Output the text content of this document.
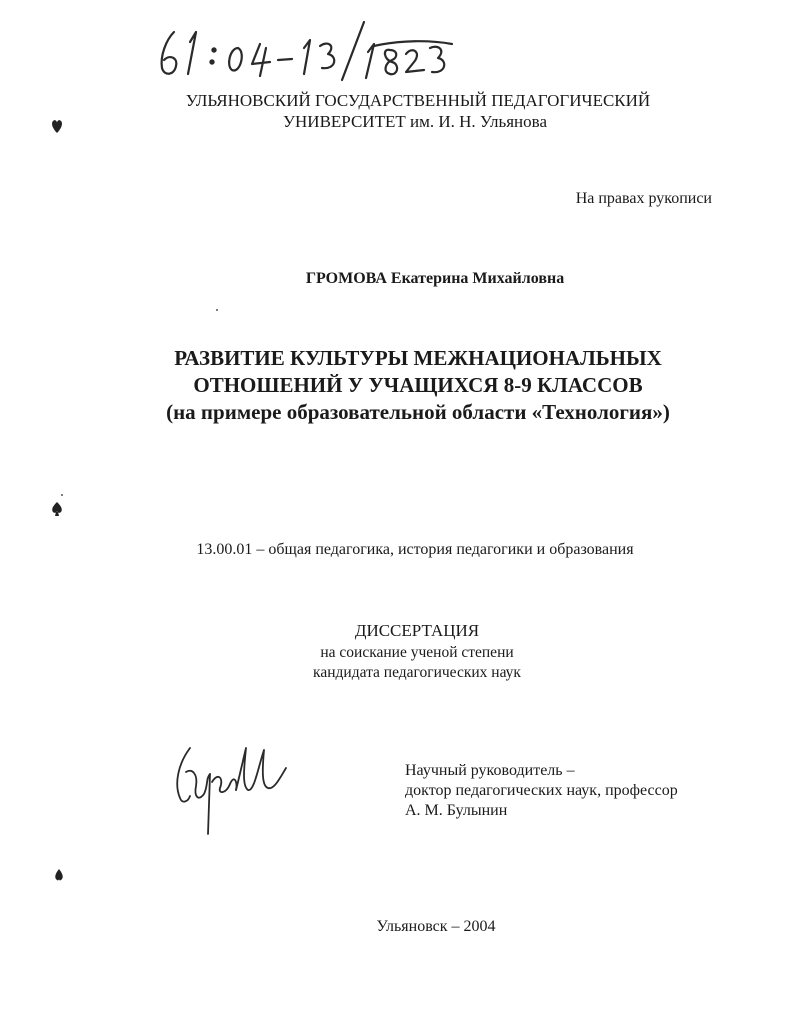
УЛЬЯНОВСКИЙ ГОСУДАРСТВЕННЫЙ ПЕДАГОГИЧЕСКИЙ
УНИВЕРСИТЕТ им. И. Н. Ульянова
На правах рукописи
ГРОМОВА Екатерина Михайловна
РАЗВИТИЕ КУЛЬТУРЫ МЕЖНАЦИОНАЛЬНЫХ
ОТНОШЕНИЙ У УЧАЩИХСЯ 8-9 КЛАССОВ
(на примере образовательной области «Технология»)
13.00.01 – общая педагогика, история педагогики и образования
ДИССЕРТАЦИЯ
на соискание ученой степени
кандидата педагогических наук
Научный руководитель –
доктор педагогических наук, профессор
А. М. Булынин
Ульяновск – 2004
